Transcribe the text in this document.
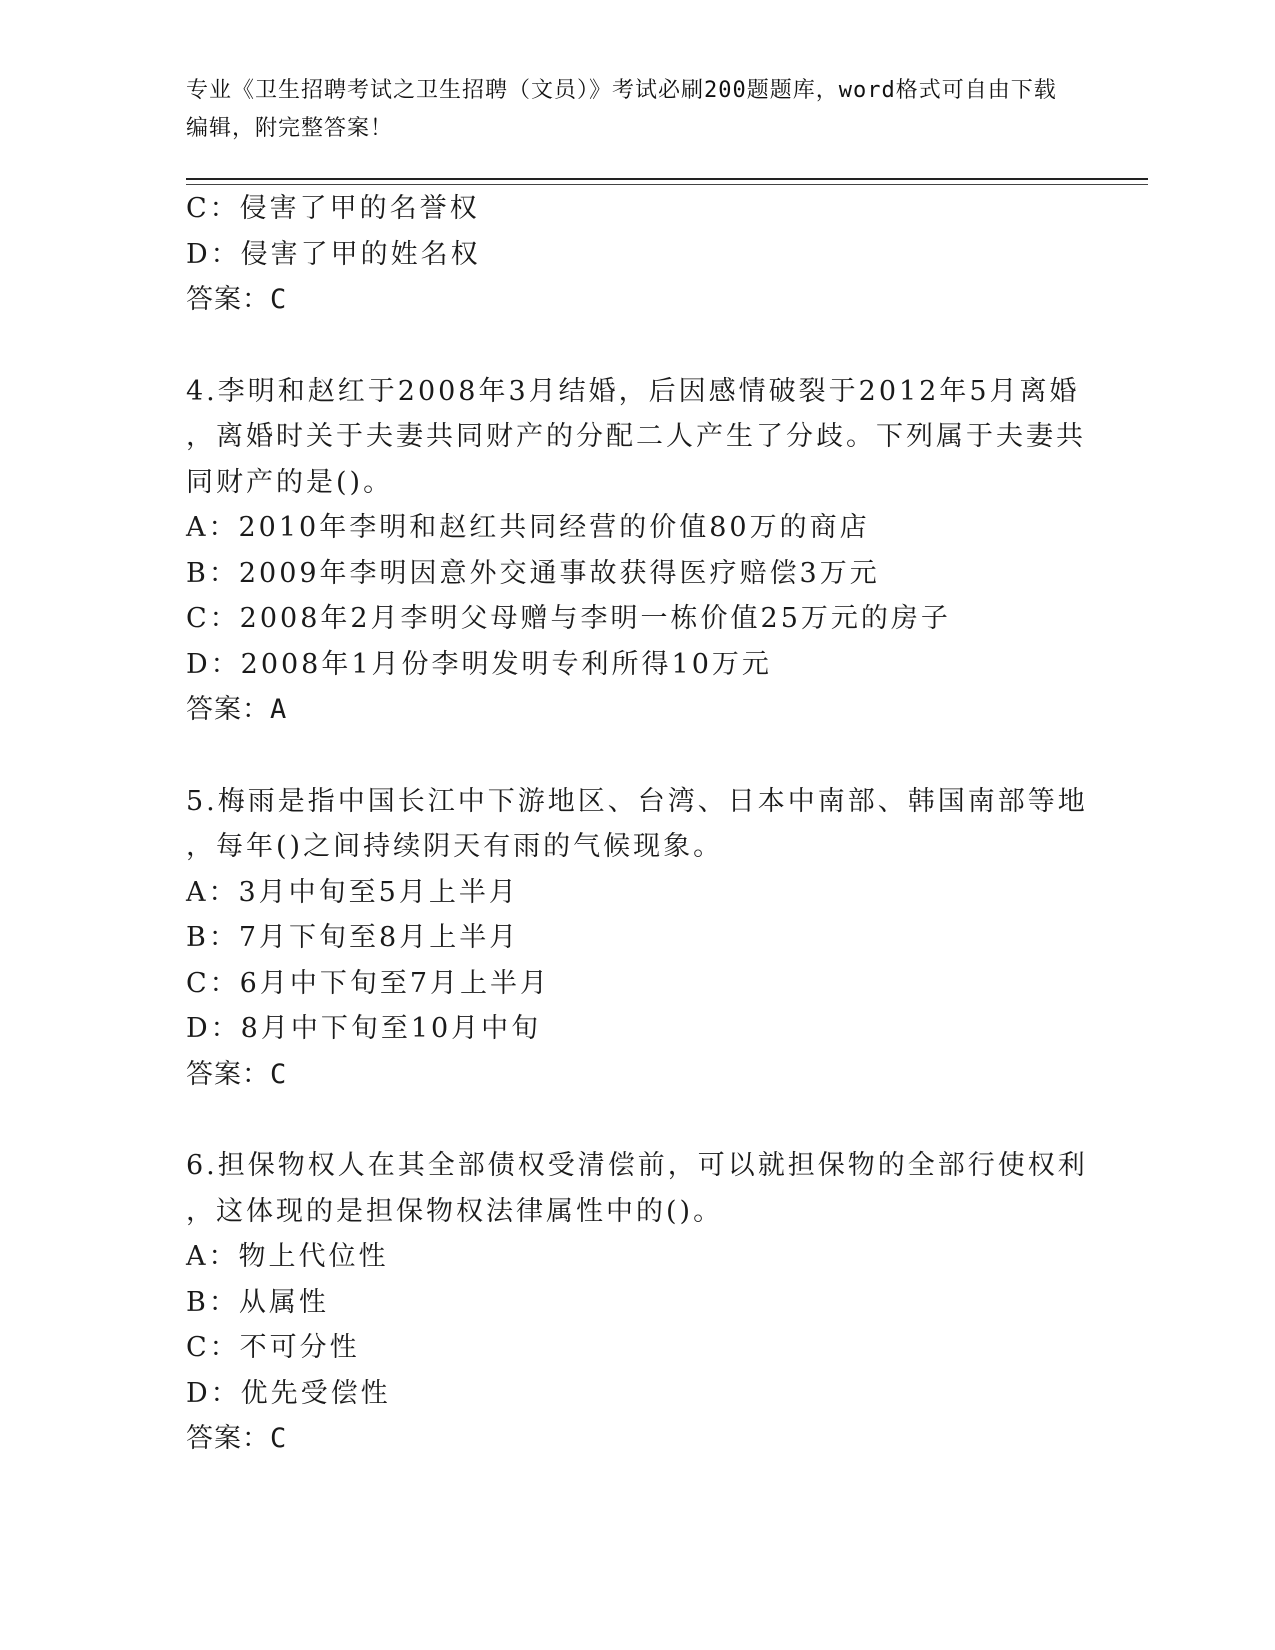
专业《卫生招聘考试之卫生招聘（文员）》考试必刷200题题库，word格式可自由下载编辑，附完整答案！
C：侵害了甲的名誉权
D：侵害了甲的姓名权
答案：C
4.李明和赵红于2008年3月结婚，后因感情破裂于2012年5月离婚
，离婚时关于夫妻共同财产的分配二人产生了分歧。下列属于夫妻共
同财产的是()。
A：2010年李明和赵红共同经营的价值80万的商店
B：2009年李明因意外交通事故获得医疗赔偿3万元
C：2008年2月李明父母赠与李明一栋价值25万元的房子
D：2008年1月份李明发明专利所得10万元
答案：A
5.梅雨是指中国长江中下游地区、台湾、日本中南部、韩国南部等地
，每年()之间持续阴天有雨的气候现象。
A：3月中旬至5月上半月
B：7月下旬至8月上半月
C：6月中下旬至7月上半月
D：8月中下旬至10月中旬
答案：C
6.担保物权人在其全部债权受清偿前，可以就担保物的全部行使权利
，这体现的是担保物权法律属性中的()。
A：物上代位性
B：从属性
C：不可分性
D：优先受偿性
答案：C
